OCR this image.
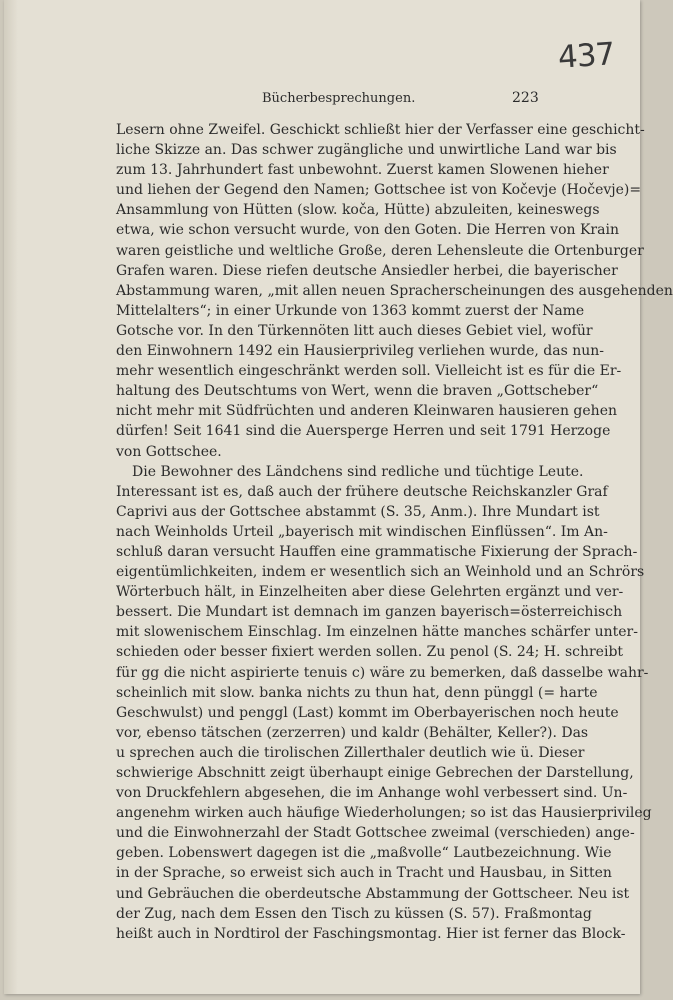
437
Bücherbesprechungen.	223
Lesern ohne Zweifel. Geschickt schließt hier der Verfasser eine geschicht-
liche Skizze an. Das schwer zugängliche und unwirtliche Land war bis
zum 13. Jahrhundert fast unbewohnt. Zuerst kamen Slowenen hieher
und liehen der Gegend den Namen; Gottschee ist von Kočevje (Hočevje)=
Ansammlung von Hütten (slow. koča, Hütte) abzuleiten, keineswegs
etwa, wie schon versucht wurde, von den Goten. Die Herren von Krain
waren geistliche und weltliche Große, deren Lehensleute die Ortenburger
Grafen waren. Diese riefen deutsche Ansiedler herbei, die bayerischer
Abstammung waren, „mit allen neuen Spracherscheinungen des ausgehenden
Mittelalters“; in einer Urkunde von 1363 kommt zuerst der Name
Gotsche vor. In den Türkennöten litt auch dieses Gebiet viel, wofür
den Einwohnern 1492 ein Hausierprivileg verliehen wurde, das nun-
mehr wesentlich eingeschränkt werden soll. Vielleicht ist es für die Er-
haltung des Deutschtums von Wert, wenn die braven „Gottscheber“
nicht mehr mit Südfrüchten und anderen Kleinwaren hausieren gehen
dürfen! Seit 1641 sind die Auersperge Herren und seit 1791 Herzoge
von Gottschee.
Die Bewohner des Ländchens sind redliche und tüchtige Leute.
Interessant ist es, daß auch der frühere deutsche Reichskanzler Graf
Caprivi aus der Gottschee abstammt (S. 35, Anm.). Ihre Mundart ist
nach Weinholds Urteil „bayerisch mit windischen Einflüssen“. Im An-
schluß daran versucht Hauffen eine grammatische Fixierung der Sprach-
eigentümlichkeiten, indem er wesentlich sich an Weinhold und an Schrörs
Wörterbuch hält, in Einzelheiten aber diese Gelehrten ergänzt und ver-
bessert. Die Mundart ist demnach im ganzen bayerisch=österreichisch
mit slowenischem Einschlag. Im einzelnen hätte manches schärfer unter-
schieden oder besser fixiert werden sollen. Zu penol (S. 24; H. schreibt
für gg die nicht aspirierte tenuis c) wäre zu bemerken, daß dasselbe wahr-
scheinlich mit slow. banka nichts zu thun hat, denn pünggl (= harte
Geschwulst) und penggl (Last) kommt im Oberbayerischen noch heute
vor, ebenso tätschen (zerzerren) und kaldr (Behälter, Keller?). Das
u sprechen auch die tirolischen Zillerthaler deutlich wie ü. Dieser
schwierige Abschnitt zeigt überhaupt einige Gebrechen der Darstellung,
von Druckfehlern abgesehen, die im Anhange wohl verbessert sind. Un-
angenehm wirken auch häufige Wiederholungen; so ist das Hausierprivileg
und die Einwohnerzahl der Stadt Gottschee zweimal (verschieden) ange-
geben. Lobenswert dagegen ist die „maßvolle“ Lautbezeichnung. Wie
in der Sprache, so erweist sich auch in Tracht und Hausbau, in Sitten
und Gebräuchen die oberdeutsche Abstammung der Gottscheer. Neu ist
der Zug, nach dem Essen den Tisch zu küssen (S. 57). Fraßmontag
heißt auch in Nordtirol der Faschingsmontag. Hier ist ferner das Block-
